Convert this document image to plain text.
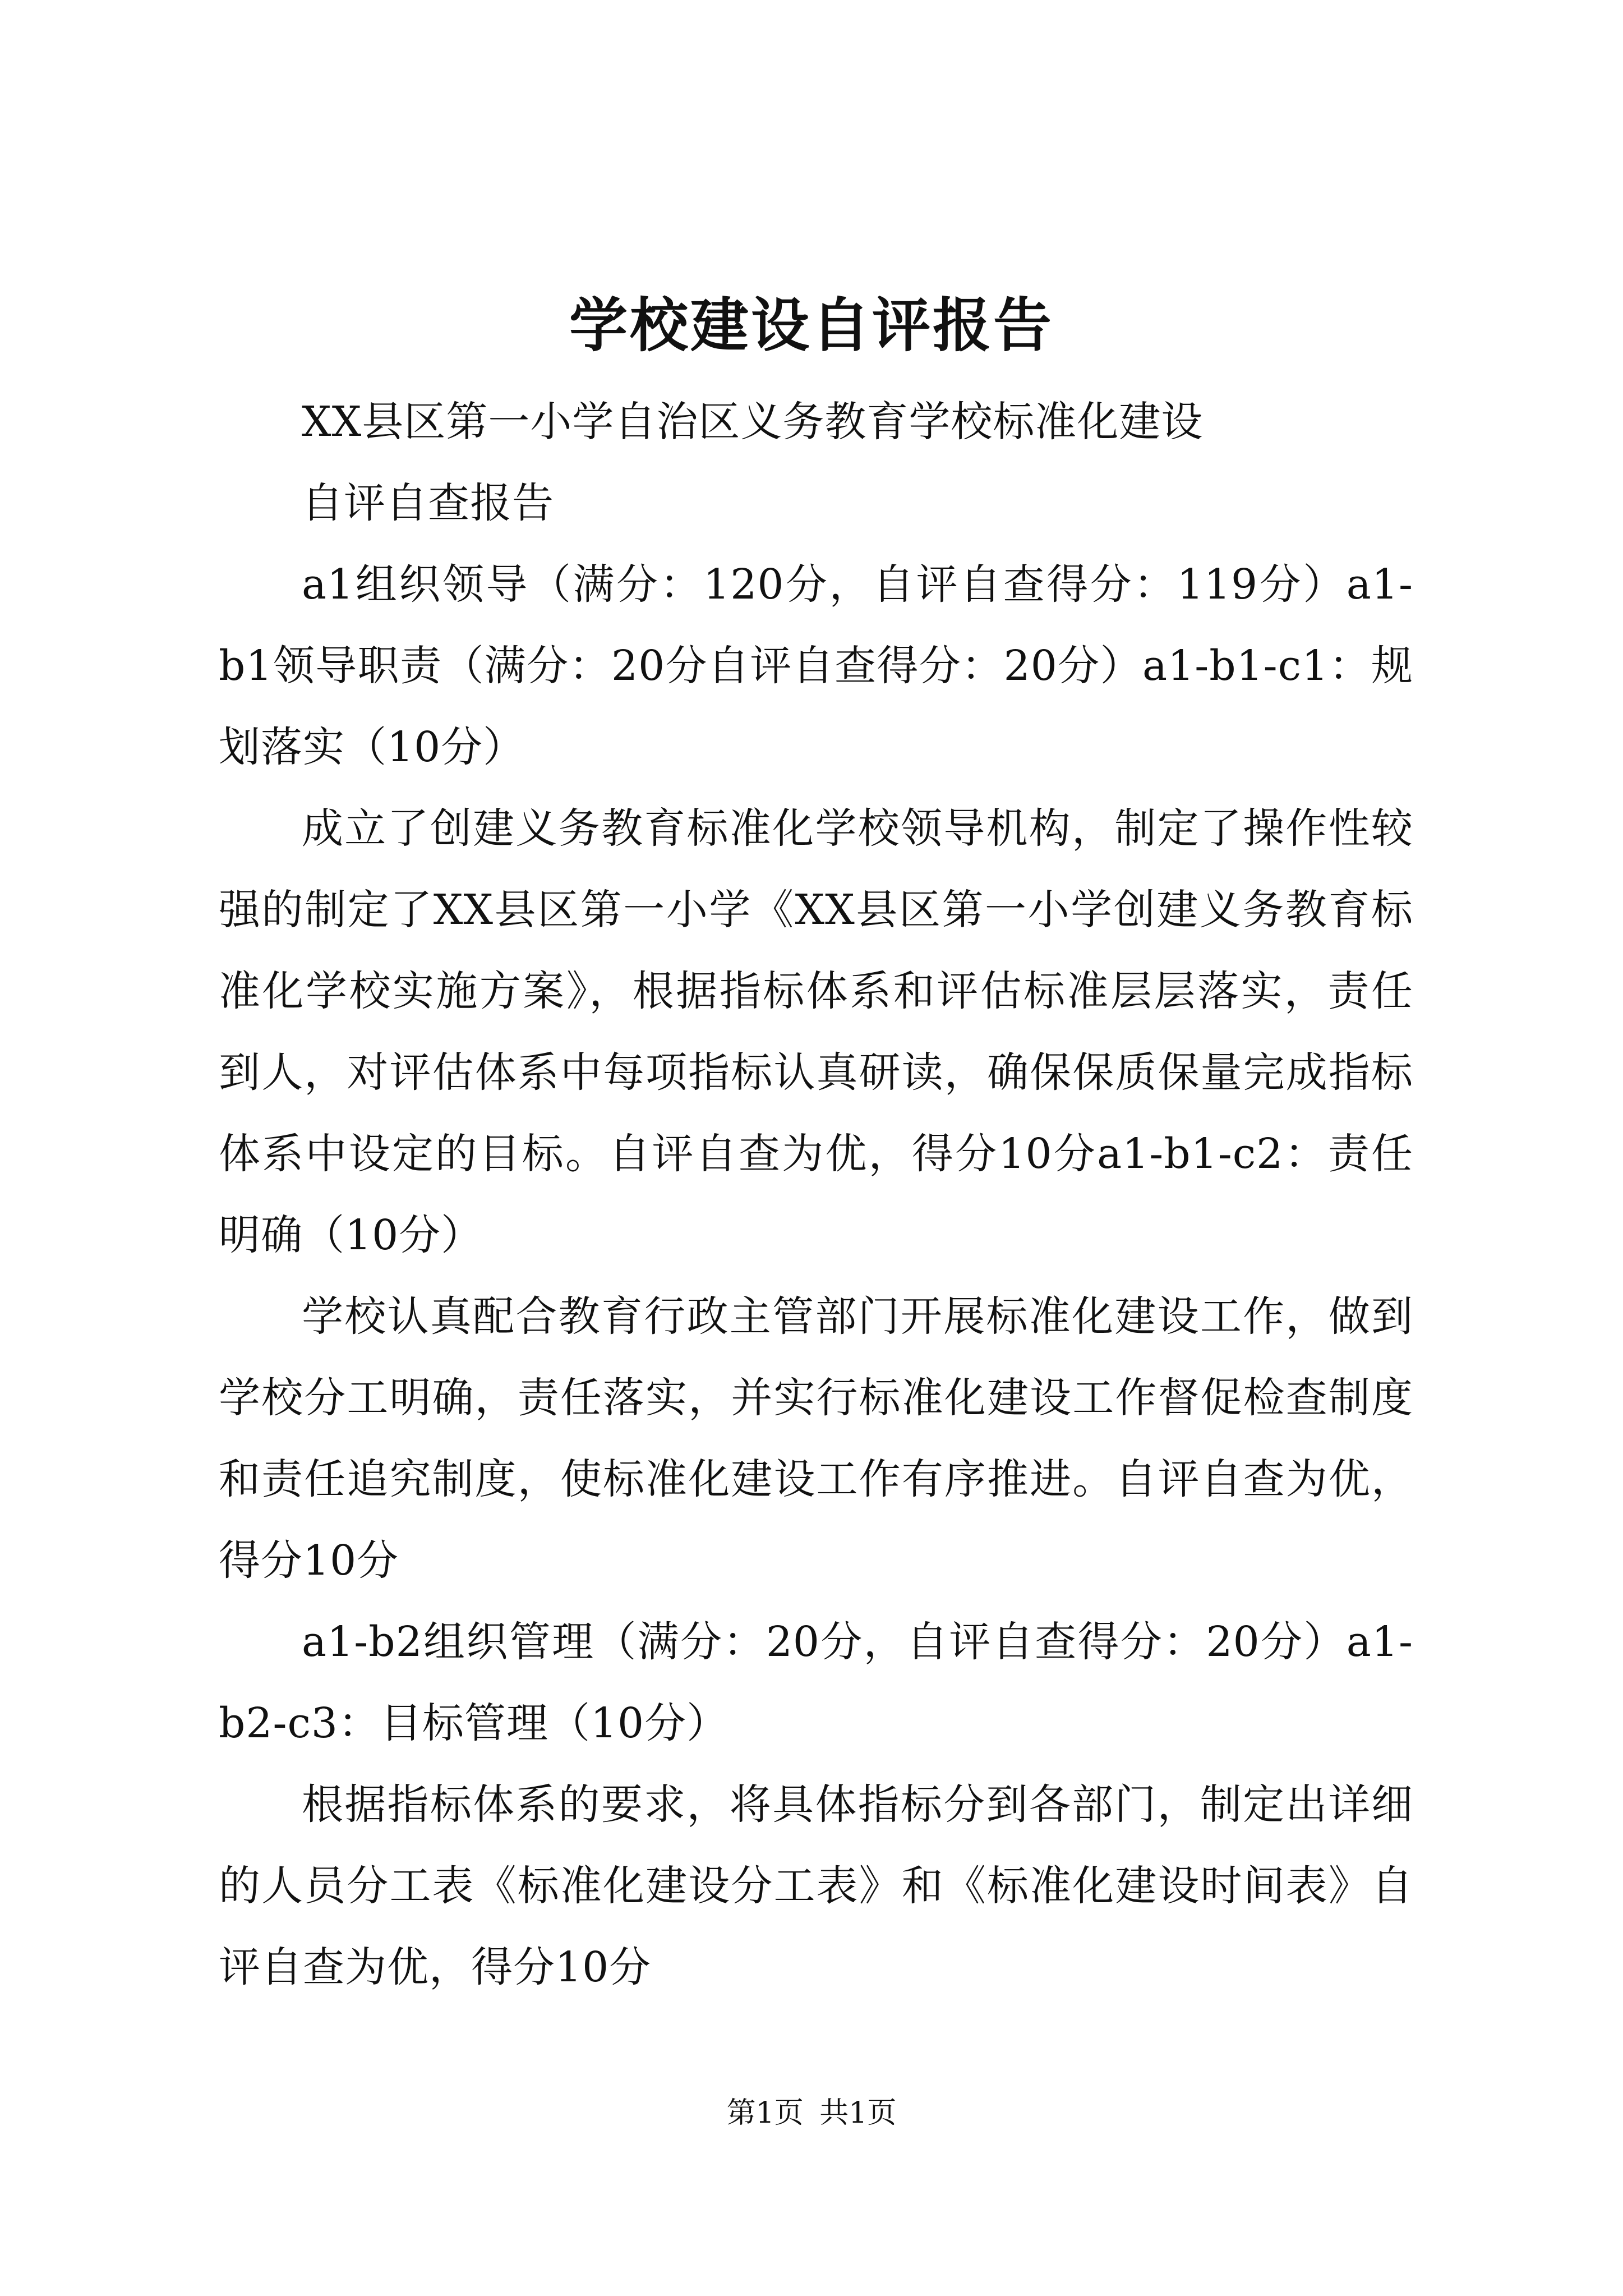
学校建设自评报告

XX县区第一小学自治区义务教育学校标准化建设

自评自查报告

a1组织领导（满分：120分，自评自查得分：119分）a1-b1领导职责（满分：20分自评自查得分：20分）a1-b1-c1：规划落实（10分）

成立了创建义务教育标准化学校领导机构，制定了操作性较强的制定了XX县区第一小学《XX县区第一小学创建义务教育标准化学校实施方案》，根据指标体系和评估标准层层落实，责任到人，对评估体系中每项指标认真研读，确保保质保量完成指标体系中设定的目标。自评自查为优，得分10分a1-b1-c2：责任明确（10分）

学校认真配合教育行政主管部门开展标准化建设工作，做到学校分工明确，责任落实，并实行标准化建设工作督促检查制度和责任追究制度，使标准化建设工作有序推进。自评自查为优，得分10分

a1-b2组织管理（满分：20分，自评自查得分：20分）a1-b2-c3：目标管理（10分）

根据指标体系的要求，将具体指标分到各部门，制定出详细的人员分工表《标准化建设分工表》和《标准化建设时间表》自评自查为优，得分10分

第1页 共1页
